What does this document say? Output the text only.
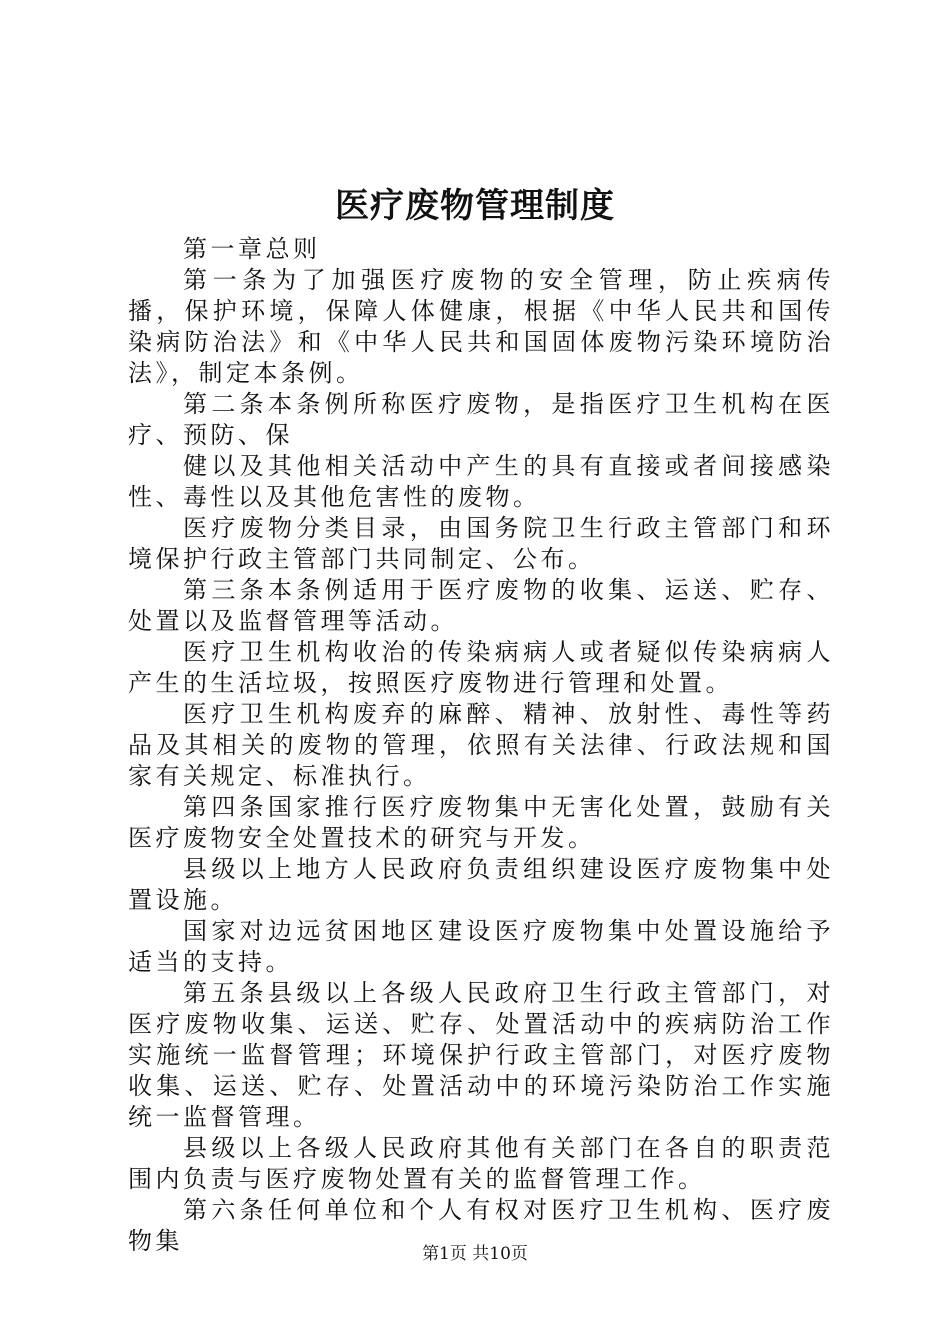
医疗废物管理制度

第一章总则

第一条为了加强医疗废物的安全管理，防止疾病传播，保护环境，保障人体健康，根据《中华人民共和国传染病防治法》和《中华人民共和国固体废物污染环境防治法》，制定本条例。

第二条本条例所称医疗废物，是指医疗卫生机构在医疗、预防、保

健以及其他相关活动中产生的具有直接或者间接感染性、毒性以及其他危害性的废物。

医疗废物分类目录，由国务院卫生行政主管部门和环境保护行政主管部门共同制定、公布。

第三条本条例适用于医疗废物的收集、运送、贮存、处置以及监督管理等活动。

医疗卫生机构收治的传染病病人或者疑似传染病病人产生的生活垃圾，按照医疗废物进行管理和处置。

医疗卫生机构废弃的麻醉、精神、放射性、毒性等药品及其相关的废物的管理，依照有关法律、行政法规和国家有关规定、标准执行。

第四条国家推行医疗废物集中无害化处置，鼓励有关医疗废物安全处置技术的研究与开发。

县级以上地方人民政府负责组织建设医疗废物集中处置设施。

国家对边远贫困地区建设医疗废物集中处置设施给予适当的支持。

第五条县级以上各级人民政府卫生行政主管部门，对医疗废物收集、运送、贮存、处置活动中的疾病防治工作实施统一监督管理；环境保护行政主管部门，对医疗废物收集、运送、贮存、处置活动中的环境污染防治工作实施统一监督管理。

县级以上各级人民政府其他有关部门在各自的职责范围内负责与医疗废物处置有关的监督管理工作。

第六条任何单位和个人有权对医疗卫生机构、医疗废物集	第1页 共10页
